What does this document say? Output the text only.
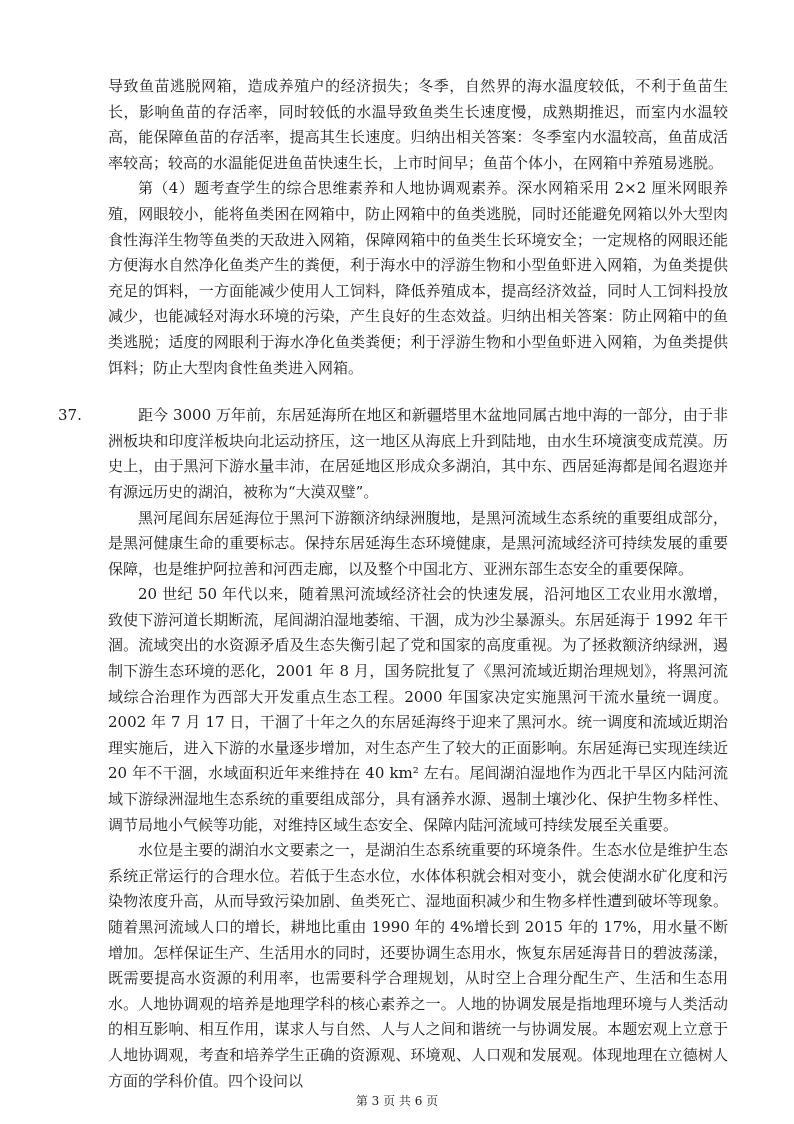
导致鱼苗逃脱网箱，造成养殖户的经济损失；冬季，自然界的海水温度较低，不利于鱼苗生长，影响鱼苗的存活率，同时较低的水温导致鱼类生长速度慢，成熟期推迟，而室内水温较高，能保障鱼苗的存活率，提高其生长速度。归纳出相关答案：冬季室内水温较高，鱼苗成活率较高；较高的水温能促进鱼苗快速生长，上市时间早；鱼苗个体小，在网箱中养殖易逃脱。

第（4）题考查学生的综合思维素养和人地协调观素养。深水网箱采用 2×2 厘米网眼养殖，网眼较小，能将鱼类困在网箱中，防止网箱中的鱼类逃脱，同时还能避免网箱以外大型肉食性海洋生物等鱼类的天敌进入网箱，保障网箱中的鱼类生长环境安全；一定规格的网眼还能方便海水自然净化鱼类产生的粪便，利于海水中的浮游生物和小型鱼虾进入网箱，为鱼类提供充足的饵料，一方面能减少使用人工饲料，降低养殖成本，提高经济效益，同时人工饲料投放减少，也能减轻对海水环境的污染，产生良好的生态效益。归纳出相关答案：防止网箱中的鱼类逃脱；适度的网眼利于海水净化鱼类粪便；利于浮游生物和小型鱼虾进入网箱，为鱼类提供饵料；防止大型肉食性鱼类进入网箱。

37.	距今 3000 万年前，东居延海所在地区和新疆塔里木盆地同属古地中海的一部分，由于非洲板块和印度洋板块向北运动挤压，这一地区从海底上升到陆地，由水生环境演变成荒漠。历史上，由于黑河下游水量丰沛，在居延地区形成众多湖泊，其中东、西居延海都是闻名遐迩并有源远历史的湖泊，被称为“大漠双璧”。

黑河尾闾东居延海位于黑河下游额济纳绿洲腹地，是黑河流域生态系统的重要组成部分，是黑河健康生命的重要标志。保持东居延海生态环境健康，是黑河流域经济可持续发展的重要保障，也是维护阿拉善和河西走廊，以及整个中国北方、亚洲东部生态安全的重要保障。

20 世纪 50 年代以来，随着黑河流域经济社会的快速发展，沿河地区工农业用水激增，致使下游河道长期断流，尾闾湖泊湿地萎缩、干涸，成为沙尘暴源头。东居延海于 1992 年干涸。流域突出的水资源矛盾及生态失衡引起了党和国家的高度重视。为了拯救额济纳绿洲，遏制下游生态环境的恶化，2001 年 8 月，国务院批复了《黑河流域近期治理规划》，将黑河流域综合治理作为西部大开发重点生态工程。2000 年国家决定实施黑河干流水量统一调度。2002 年 7 月 17 日，干涸了十年之久的东居延海终于迎来了黑河水。统一调度和流域近期治理实施后，进入下游的水量逐步增加，对生态产生了较大的正面影响。东居延海已实现连续近 20 年不干涸，水域面积近年来维持在 40 km² 左右。尾闾湖泊湿地作为西北干旱区内陆河流域下游绿洲湿地生态系统的重要组成部分，具有涵养水源、遏制土壤沙化、保护生物多样性、调节局地小气候等功能，对维持区域生态安全、保障内陆河流域可持续发展至关重要。

水位是主要的湖泊水文要素之一，是湖泊生态系统重要的环境条件。生态水位是维护生态系统正常运行的合理水位。若低于生态水位，水体体积就会相对变小，就会使湖水矿化度和污染物浓度升高，从而导致污染加剧、鱼类死亡、湿地面积减少和生物多样性遭到破坏等现象。随着黑河流域人口的增长，耕地比重由 1990 年的 4%增长到 2015 年的 17%，用水量不断增加。怎样保证生产、生活用水的同时，还要协调生态用水，恢复东居延海昔日的碧波荡漾，既需要提高水资源的利用率，也需要科学合理规划，从时空上合理分配生产、生活和生态用水。人地协调观的培养是地理学科的核心素养之一。人地的协调发展是指地理环境与人类活动的相互影响、相互作用，谋求人与自然、人与人之间和谐统一与协调发展。本题宏观上立意于人地协调观，考查和培养学生正确的资源观、环境观、人口观和发展观。体现地理在立德树人方面的学科价值。四个设问以

第 3 页 共 6 页
